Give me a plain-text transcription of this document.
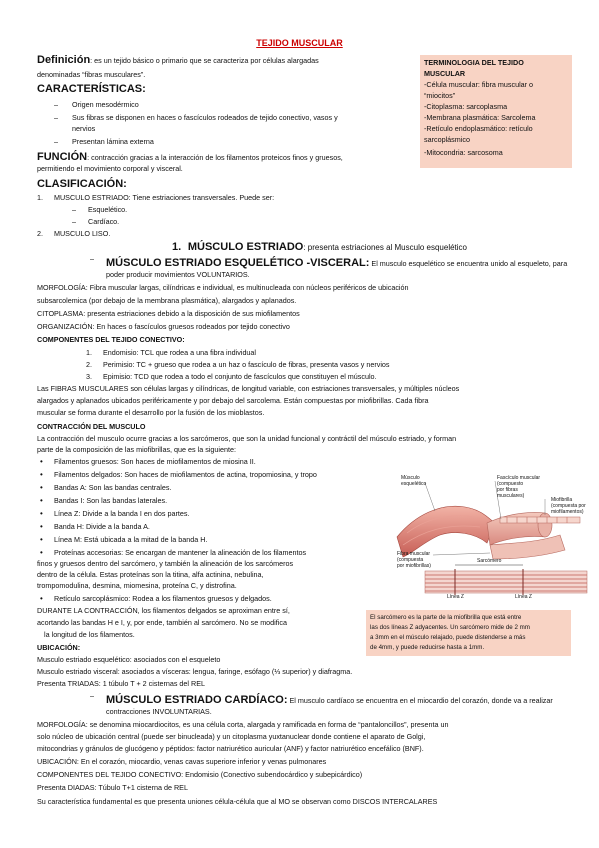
TEJIDO MUSCULAR
Definición: es un tejido básico o primario que se caracteriza por células alargadas
denominadas “fibras musculares”.
CARACTERÍSTICAS:
– Origen mesodérmico
– Sus fibras se disponen en haces o fascículos rodeados de tejido conectivo, vasos y
nervios
– Presentan lámina externa
FUNCIÓN: contracción gracias a la interacción de los filamentos proteicos finos y gruesos,
permitiendo el movimiento corporal y visceral.
CLASIFICACIÓN:
1. MUSCULO ESTRIADO: Tiene estriaciones transversales. Puede ser:
– Esquelético.
– Cardíaco.
2. MUSCULO LISO.
TERMINOLOGIA DEL TEJIDO
MUSCULAR
-Célula muscular: fibra muscular o
“miocitos”
-Citoplasma: sarcoplasma
-Membrana plasmática: Sarcolema
-Retículo endoplasmático: retículo
sarcoplásmico
-Mitocondria: sarcosoma
1. MÚSCULO ESTRIADO: presenta estriaciones al Musculo esquelético
– MÚSCULO ESTRIADO ESQUELÉTICO -VISCERAL: El musculo esquelético se encuentra unido al esqueleto, para
poder producir movimientos VOLUNTARIOS.
MORFOLOGÍA: Fibra muscular largas, cilíndricas e individual, es multinucleada con núcleos periféricos de ubicación
subsarcolemica (por debajo de la membrana plasmática), alargados y aplanados.
CITOPLASMA: presenta estriaciones debido a la disposición de sus miofilamentos
ORGANIZACIÓN: En haces o fascículos gruesos rodeados por tejido conectivo
COMPONENTES DEL TEJIDO CONECTIVO:
1. Endomisio: TCL que rodea a una fibra individual
2. Perimisio: TC + grueso que rodea a un haz o fascículo de fibras, presenta vasos y nervios
3. Epimisio: TCD que rodea a todo el conjunto de fascículos que constituyen el músculo.
Las FIBRAS MUSCULARES son células largas y cilíndricas, de longitud variable, con estriaciones transversales, y múltiples núcleos
alargados y aplanados ubicados periféricamente y por debajo del sarcolema. Están compuestas por miofibrillas. Cada fibra
muscular se forma durante el desarrollo por la fusión de los mioblastos.
CONTRACCIÓN DEL MUSCULO
La contracción del musculo ocurre gracias a los sarcómeros, que son la unidad funcional y contráctil del músculo estriado, y forman
parte de la composición de las miofibrillas, que es la siguiente:
• Filamentos gruesos: Son haces de miofilamentos de miosina II.
• Filamentos delgados: Son haces de miofilamentos de actina, tropomiosina, y tropo
• Bandas A: Son las bandas centrales.
• Bandas I: Son las bandas laterales.
• Línea Z: Divide a la banda I en dos partes.
• Banda H: Divide a la banda A.
• Línea M: Está ubicada a la mitad de la banda H.
• Proteínas accesorias: Se encargan de mantener la alineación de los filamentos
finos y gruesos dentro del sarcómero, y también la alineación de los sarcómeros
dentro de la célula. Estas proteínas son la titina, alfa actinina, nebulina,
trompomodulina, desmina, miomesina, proteína C, y distrofina.
• Retículo sarcoplásmico: Rodea a los filamentos gruesos y delgados.
DURANTE LA CONTRACCIÓN, los filamentos delgados se aproximan entre sí,
acortando las bandas H e I, y, por ende, también al sarcómero. No se modifica
la longitud de los filamentos.
UBICACIÓN:
Musculo estriado esquelético: asociados con el esqueleto
Musculo estriado visceral: asociados a vísceras: lengua, faringe, esófago (⅓ superior) y diafragma.
Presenta TRIADAS: 1 túbulo T + 2 cisternas del REL
Músculo
esquelético
Fascículo muscular
(compuesto
por fibras
musculares)
Miofibrilla
(compuesta por
miofilamentos)
Fibra muscular
(compuesta
por miofibrillas)
Sarcómero
Línea Z	Línea Z
El sarcómero es la parte de la miofibrilla que está entre
las dos líneas Z adyacentes. Un sarcómero mide de 2 mm
a 3mm en el músculo relajado, puede distenderse a más
de 4mm, y puede reducirse hasta a 1mm.
– MÚSCULO ESTRIADO CARDÍACO: El musculo cardíaco se encuentra en el miocardio del corazón, donde va a realizar
contracciones INVOLUNTARIAS.
MORFOLOGÍA: se denomina miocardiocitos, es una célula corta, alargada y ramificada en forma de “pantaloncillos”, presenta un
solo núcleo de ubicación central (puede ser binucleada) y un citoplasma yuxtanuclear donde contiene el aparato de Golgi,
mitocondrias y gránulos de glucógeno y péptidos: factor natriurético auricular (ANF) y factor natriurético encefálico (BNF).
UBICACIÓN: En el corazón, miocardio, venas cavas superiore inferior y venas pulmonares
COMPONENTES DEL TEJIDO CONECTIVO: Endomisio (Conectivo subendocárdico y subepicárdico)
Presenta DIADAS: Túbulo T+1 cisterna de REL
Su característica fundamental es que presenta uniones célula-célula que al MO se observan como DISCOS INTERCALARES
